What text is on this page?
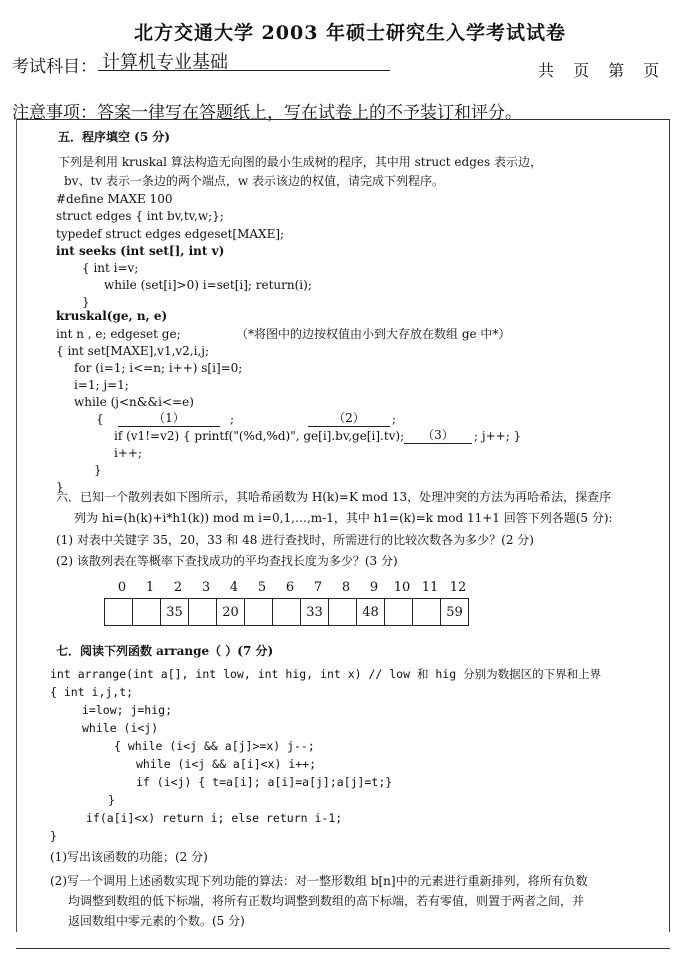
北方交通大学 2003 年硕士研究生入学考试试卷
考试科目： 计算机专业基础	共 页 第 页
注意事项：答案一律写在答题纸上，写在试卷上的不予装订和评分。
五．程序填空 (5 分)
下列是利用 kruskal 算法构造无向图的最小生成树的程序，其中用 struct edges 表示边，
bv、tv 表示一条边的两个端点，w 表示该边的权值，请完成下列程序。
#define MAXE 100
struct edges { int bv,tv,w;};
typedef struct edges edgeset[MAXE];
int seeks (int set[], int v)
{ int i=v;
while (set[i]>0) i=set[i]; return(i);
}
kruskal(ge, n, e)
int n , e; edgeset ge;	（*将图中的边按权值由小到大存放在数组 ge 中*）
{ int set[MAXE],v1,v2,i,j;
for (i=1; i<=n; i++) s[i]=0;
i=1; j=1;
while (j<n&&i<=e)
{	（1）	;	（2）	;
if (v1!=v2) { printf("(%d,%d)", ge[i].bv,ge[i].tv);	（3）	; j++; }
i++;
}
}
六．已知一个散列表如下图所示，其哈希函数为 H(k)=K mod 13，处理冲突的方法为再哈希法，探查序
列为 hi=(h(k)+i*h1(k)) mod m i=0,1,…,m-1，其中 h1=(k)=k mod 11+1 回答下列各题(5 分):
(1) 对表中关键字 35，20，33 和 48 进行查找时，所需进行的比较次数各为多少？(2 分)
(2) 该散列表在等概率下查找成功的平均查找长度为多少？(3 分)
0	1	2	3	4	5	6	7	8	9	10 11 12
		35		20			33		48			59
七．阅读下列函数 arrange（ ）(7 分)
int arrange(int a[], int low, int hig, int x) // low 和 hig 分别为数据区的下界和上界
{ int i,j,t;
i=low; j=hig;
while (i<j)
{ while (i<j && a[j]>=x) j--;
while (i<j && a[i]<x) i++;
if (i<j) { t=a[i]; a[i]=a[j];a[j]=t;}
}
if(a[i]<x) return i; else return i-1;
}
(1)写出该函数的功能；(2 分)
(2)写一个调用上述函数实现下列功能的算法：对一整形数组 b[n]中的元素进行重新排列，将所有负数
均调整到数组的低下标端，将所有正数均调整到数组的高下标端，若有零值，则置于两者之间，并
返回数组中零元素的个数。(5 分)
